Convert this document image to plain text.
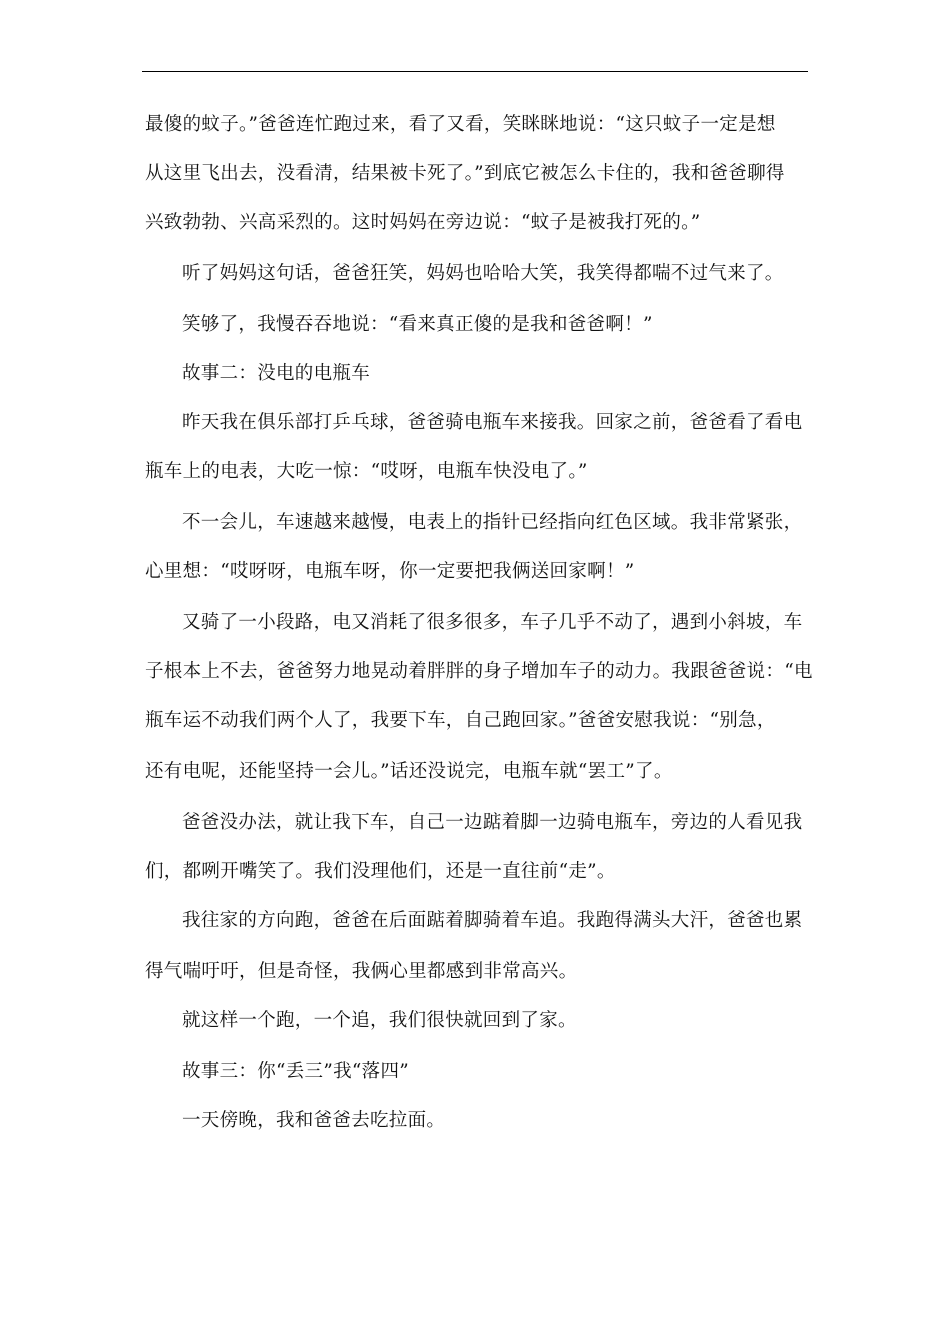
最傻的蚊子。”爸爸连忙跑过来，看了又看，笑眯眯地说：“这只蚊子一定是想
从这里飞出去，没看清，结果被卡死了。”到底它被怎么卡住的，我和爸爸聊得
兴致勃勃、兴高采烈的。这时妈妈在旁边说：“蚊子是被我打死的。”
听了妈妈这句话，爸爸狂笑，妈妈也哈哈大笑，我笑得都喘不过气来了。
笑够了，我慢吞吞地说：“看来真正傻的是我和爸爸啊！”
故事二：没电的电瓶车
昨天我在俱乐部打乒乓球，爸爸骑电瓶车来接我。回家之前，爸爸看了看电
瓶车上的电表，大吃一惊：“哎呀，电瓶车快没电了。”
不一会儿，车速越来越慢，电表上的指针已经指向红色区域。我非常紧张，
心里想：“哎呀呀，电瓶车呀，你一定要把我俩送回家啊！”
又骑了一小段路，电又消耗了很多很多，车子几乎不动了，遇到小斜坡，车
子根本上不去，爸爸努力地晃动着胖胖的身子增加车子的动力。我跟爸爸说：“电
瓶车运不动我们两个人了，我要下车，自己跑回家。”爸爸安慰我说：“别急，
还有电呢，还能坚持一会儿。”话还没说完，电瓶车就“罢工”了。
爸爸没办法，就让我下车，自己一边踮着脚一边骑电瓶车，旁边的人看见我
们，都咧开嘴笑了。我们没理他们，还是一直往前“走”。
我往家的方向跑，爸爸在后面踮着脚骑着车追。我跑得满头大汗，爸爸也累
得气喘吁吁，但是奇怪，我俩心里都感到非常高兴。
就这样一个跑，一个追，我们很快就回到了家。
故事三：你“丢三”我“落四”
一天傍晚，我和爸爸去吃拉面。
